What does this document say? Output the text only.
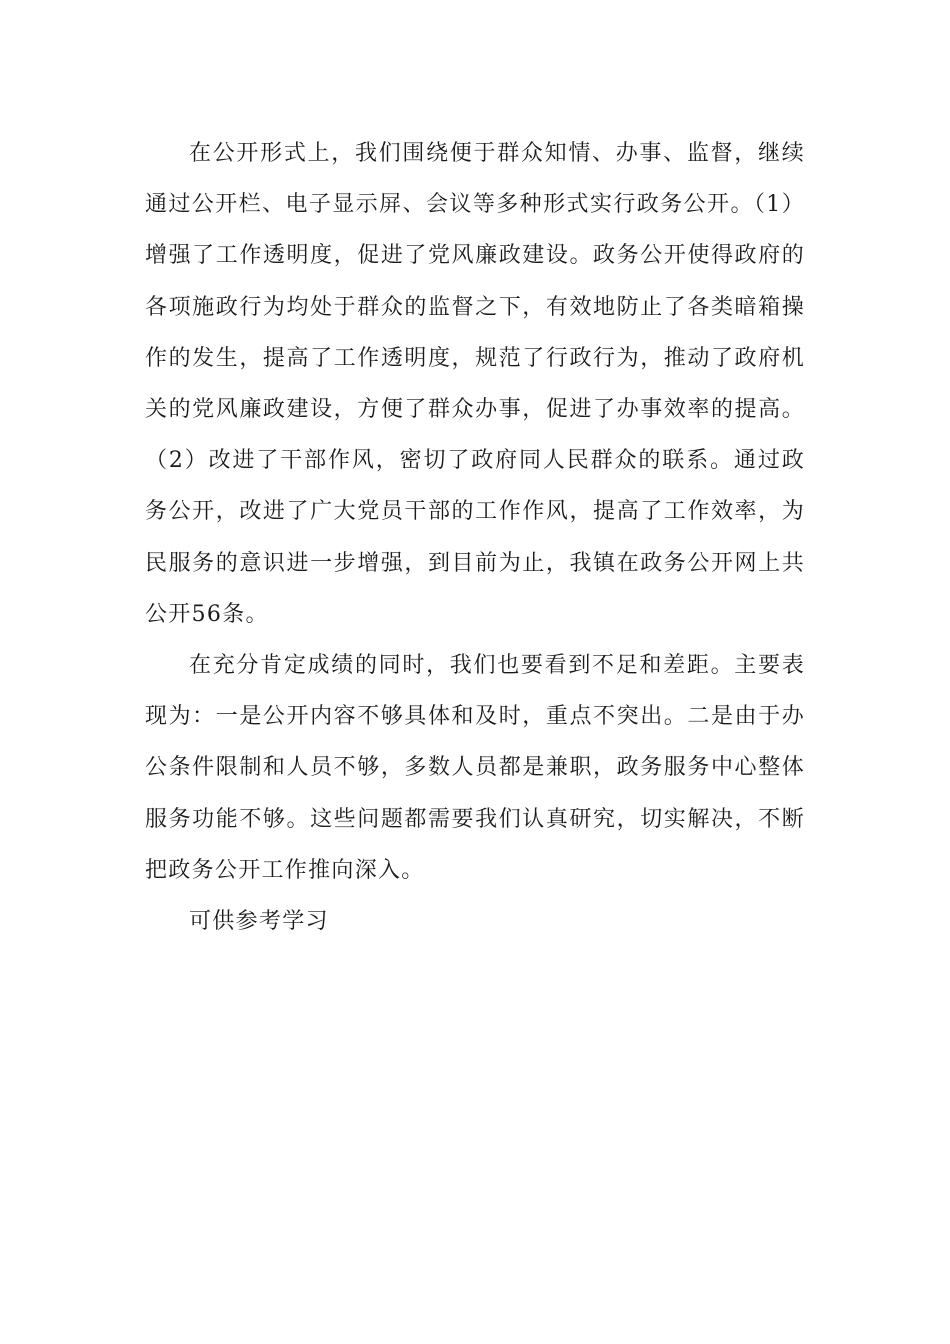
在公开形式上，我们围绕便于群众知情、办事、监督，继续通过公开栏、电子显示屏、会议等多种形式实行政务公开。（1）增强了工作透明度，促进了党风廉政建设。政务公开使得政府的各项施政行为均处于群众的监督之下，有效地防止了各类暗箱操作的发生，提高了工作透明度，规范了行政行为，推动了政府机关的党风廉政建设，方便了群众办事，促进了办事效率的提高。（2）改进了干部作风，密切了政府同人民群众的联系。通过政务公开，改进了广大党员干部的工作作风，提高了工作效率，为民服务的意识进一步增强，到目前为止，我镇在政务公开网上共公开56条。

在充分肯定成绩的同时，我们也要看到不足和差距。主要表现为：一是公开内容不够具体和及时，重点不突出。二是由于办公条件限制和人员不够，多数人员都是兼职，政务服务中心整体服务功能不够。这些问题都需要我们认真研究，切实解决，不断把政务公开工作推向深入。

可供参考学习
